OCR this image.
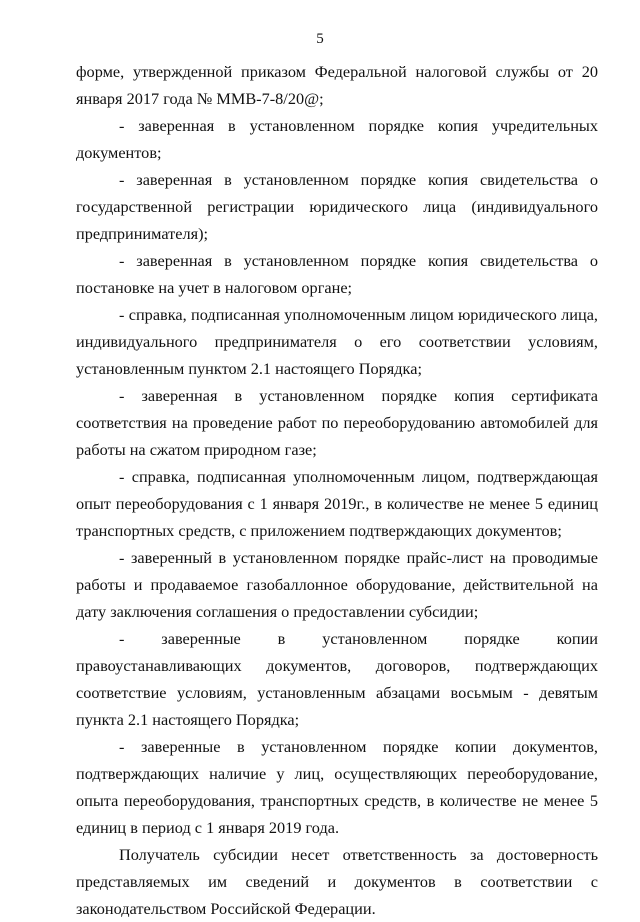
5

форме, утвержденной приказом Федеральной налоговой службы от 20 января 2017 года № ММВ-7-8/20@;

- заверенная в установленном порядке копия учредительных документов;

- заверенная в установленном порядке копия свидетельства о государственной регистрации юридического лица (индивидуального предпринимателя);

- заверенная в установленном порядке копия свидетельства о постановке на учет в налоговом органе;

- справка, подписанная уполномоченным лицом юридического лица, индивидуального предпринимателя о его соответствии условиям, установленным пунктом 2.1 настоящего Порядка;

- заверенная в установленном порядке копия сертификата соответствия на проведение работ по переоборудованию автомобилей для работы на сжатом природном газе;

- справка, подписанная уполномоченным лицом, подтверждающая опыт переоборудования с 1 января 2019г., в количестве не менее 5 единиц транспортных средств, с приложением подтверждающих документов;

- заверенный в установленном порядке прайс-лист на проводимые работы и продаваемое газобаллонное оборудование, действительной на дату заключения соглашения о предоставлении субсидии;

- заверенные в установленном порядке копии правоустанавливающих документов, договоров, подтверждающих соответствие условиям, установленным абзацами восьмым - девятым пункта 2.1 настоящего Порядка;

- заверенные в установленном порядке копии документов, подтверждающих наличие у лиц, осуществляющих переоборудование, опыта переоборудования, транспортных средств, в количестве не менее 5 единиц в период с 1 января 2019 года.

Получатель субсидии несет ответственность за достоверность представляемых им сведений и документов в соответствии с законодательством Российской Федерации.
